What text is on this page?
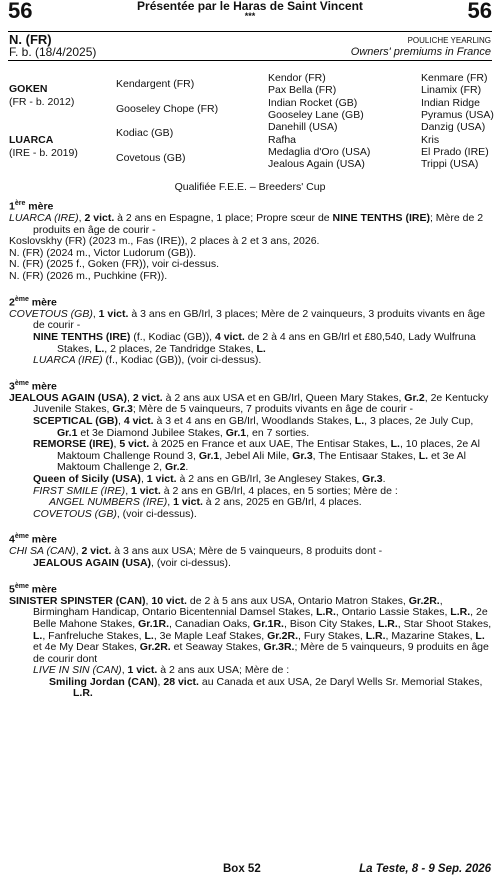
56	56
Présentée par le Haras de Saint Vincent
***
N. (FR)
F. b. (18/4/2025)
POULICHE YEARLING
Owners' premiums in France
GOKEN
(FR - b. 2012)
LUARCA
(IRE - b. 2019)
Kendargent (FR)
Gooseley Chope (FR)
Kodiac (GB)
Covetous (GB)
Kendor (FR)
Pax Bella (FR)
Indian Rocket (GB)
Gooseley Lane (GB)
Danehill (USA)
Rafha
Medaglia d'Oro (USA)
Jealous Again (USA)
Kenmare (FR)
Linamix (FR)
Indian Ridge
Pyramus (USA)
Danzig (USA)
Kris
El Prado (IRE)
Trippi (USA)
Qualifiée F.E.E. – Breeders' Cup

1ère mère

LUARCA (IRE), 2 vict. à 2 ans en Espagne, 1 place; Propre sœur de NINE TENTHS (IRE); Mère de 2 produits en âge de courir -

Koslovskhy (FR) (2023 m., Fas (IRE)), 2 places à 2 et 3 ans, 2026.

N. (FR) (2024 m., Victor Ludorum (GB)).

N. (FR) (2025 f., Goken (FR)), voir ci-dessus.

N. (FR) (2026 m., Puchkine (FR)).

2ème mère

COVETOUS (GB), 1 vict. à 3 ans en GB/Irl, 3 places; Mère de 2 vainqueurs, 3 produits vivants en âge de courir -

NINE TENTHS (IRE) (f., Kodiac (GB)), 4 vict. de 2 à 4 ans en GB/Irl et £80,540, Lady Wulfruna Stakes, L., 2 places, 2e Tandridge Stakes, L.

LUARCA (IRE) (f., Kodiac (GB)), (voir ci-dessus).

3ème mère

JEALOUS AGAIN (USA), 2 vict. à 2 ans aux USA et en GB/Irl, Queen Mary Stakes, Gr.2, 2e Kentucky Juvenile Stakes, Gr.3; Mère de 5 vainqueurs, 7 produits vivants en âge de courir -

SCEPTICAL (GB), 4 vict. à 3 et 4 ans en GB/Irl, Woodlands Stakes, L., 3 places, 2e July Cup, Gr.1 et 3e Diamond Jubilee Stakes, Gr.1, en 7 sorties.

REMORSE (IRE), 5 vict. à 2025 en France et aux UAE, The Entisar Stakes, L., 10 places, 2e Al Maktoum Challenge Round 3, Gr.1, Jebel Ali Mile, Gr.3, The Entisaar Stakes, L. et 3e Al Maktoum Challenge 2, Gr.2.

Queen of Sicily (USA), 1 vict. à 2 ans en GB/Irl, 3e Anglesey Stakes, Gr.3.

FIRST SMILE (IRE), 1 vict. à 2 ans en GB/Irl, 4 places, en 5 sorties; Mère de :

ANGEL NUMBERS (IRE), 1 vict. à 2 ans, 2025 en GB/Irl, 4 places.

COVETOUS (GB), (voir ci-dessus).

4ème mère

CHI SA (CAN), 2 vict. à 3 ans aux USA; Mère de 5 vainqueurs, 8 produits dont -

JEALOUS AGAIN (USA), (voir ci-dessus).

5ème mère

SINISTER SPINSTER (CAN), 10 vict. de 2 à 5 ans aux USA, Ontario Matron Stakes, Gr.2R., Birmingham Handicap, Ontario Bicentennial Damsel Stakes, L.R., Ontario Lassie Stakes, L.R., 2e Belle Mahone Stakes, Gr.1R., Canadian Oaks, Gr.1R., Bison City Stakes, L.R., Star Shoot Stakes, L., Fanfreluche Stakes, L., 3e Maple Leaf Stakes, Gr.2R., Fury Stakes, L.R., Mazarine Stakes, L. et 4e My Dear Stakes, Gr.2R. et Seaway Stakes, Gr.3R.; Mère de 5 vainqueurs, 9 produits en âge de courir dont

LIVE IN SIN (CAN), 1 vict. à 2 ans aux USA; Mère de :

Smiling Jordan (CAN), 28 vict. au Canada et aux USA, 2e Daryl Wells Sr. Memorial Stakes, L.R.

Box 52	La Teste, 8 - 9 Sep. 2026
